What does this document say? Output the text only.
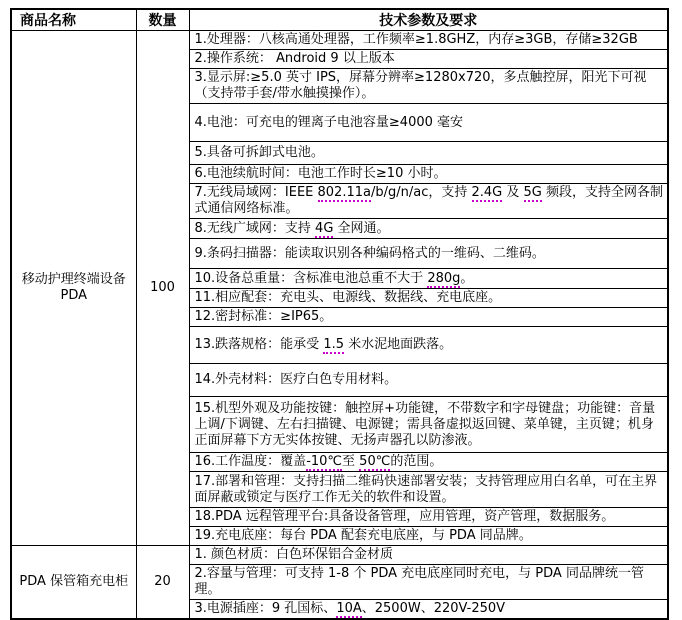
商品名称	数量	技术参数及要求
移动护理终端设备PDA	100	1.处理器：八核高通处理器，工作频率≥1.8GHZ，内存≥3GB，存储≥32GB
		2.操作系统： Android 9 以上版本
		3.显示屏:≥5.0 英寸 IPS，屏幕分辨率≥1280x720，多点触控屏，阳光下可视（支持带手套/带水触摸操作）。
		4.电池：可充电的锂离子电池容量≥4000 毫安
		5.具备可拆卸式电池。
		6.电池续航时间：电池工作时长≥10 小时。
		7.无线局域网：IEEE 802.11a/b/g/n/ac，支持 2.4G 及 5G 频段，支持全网各制式通信网络标准。
		8.无线广域网：支持 4G 全网通。
		9.条码扫描器：能读取识别各种编码格式的一维码、二维码。
		10.设备总重量：含标准电池总重不大于 280g。
		11.相应配套：充电头、电源线、数据线、充电底座。
		12.密封标准：≥IP65。
		13.跌落规格：能承受 1.5 米水泥地面跌落。
		14.外壳材料：医疗白色专用材料。
		15.机型外观及功能按键：触控屏+功能键，不带数字和字母键盘；功能键：音量上调/下调键、左右扫描键、电源键；需具备虚拟返回键、菜单键，主页键；机身正面屏幕下方无实体按键、无扬声器孔以防渗液。
		16.工作温度：覆盖-10℃至 50℃的范围。
		17.部署和管理：支持扫描二维码快速部署安装；支持管理应用白名单，可在主界面屏蔽或锁定与医疗工作无关的软件和设置。
		18.PDA 远程管理平台:具备设备管理，应用管理，资产管理，数据服务。
		19.充电底座：每台 PDA 配套充电底座，与 PDA 同品牌。
PDA 保管箱充电柜	20	1. 颜色材质：白色环保铝合金材质
		2.容量与管理：可支持 1-8 个 PDA 充电底座同时充电，与 PDA 同品牌统一管理。
		3.电源插座：9 孔国标、10A、2500W、220V-250V
